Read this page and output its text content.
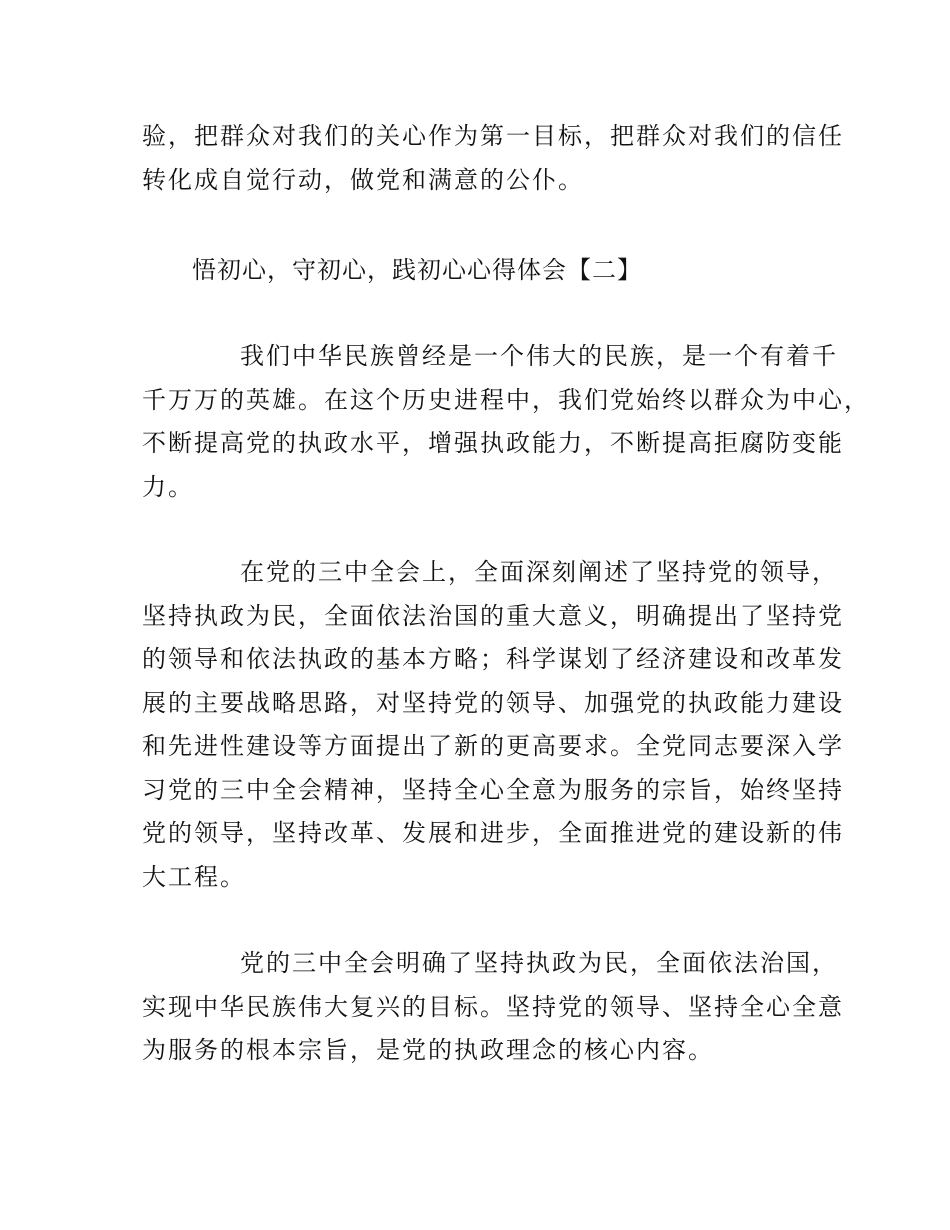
验，把群众对我们的关心作为第一目标，把群众对我们的信任
转化成自觉行动，做党和满意的公仆。

悟初心，守初心，践初心心得体会【二】

我们中华民族曾经是一个伟大的民族，是一个有着千
千万万的英雄。在这个历史进程中，我们党始终以群众为中心，
不断提高党的执政水平，增强执政能力，不断提高拒腐防变能
力。

在党的三中全会上，全面深刻阐述了坚持党的领导，
坚持执政为民，全面依法治国的重大意义，明确提出了坚持党
的领导和依法执政的基本方略；科学谋划了经济建设和改革发
展的主要战略思路，对坚持党的领导、加强党的执政能力建设
和先进性建设等方面提出了新的更高要求。全党同志要深入学
习党的三中全会精神，坚持全心全意为服务的宗旨，始终坚持
党的领导，坚持改革、发展和进步，全面推进党的建设新的伟
大工程。

党的三中全会明确了坚持执政为民，全面依法治国，
实现中华民族伟大复兴的目标。坚持党的领导、坚持全心全意
为服务的根本宗旨，是党的执政理念的核心内容。
